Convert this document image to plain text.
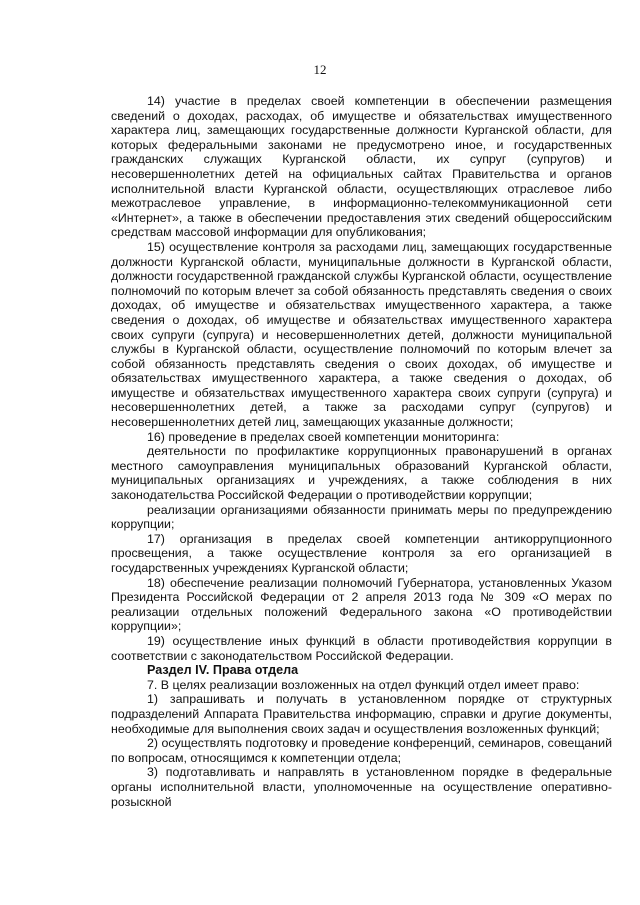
12

14) участие в пределах своей компетенции в обеспечении размещения сведений о доходах, расходах, об имуществе и обязательствах имущественного характера лиц, замещающих государственные должности Курганской области, для которых федеральными законами не предусмотрено иное, и государственных гражданских служащих Курганской области, их супруг (супругов) и несовершеннолетних детей на официальных сайтах Правительства и органов исполнительной власти Курганской области, осуществляющих отраслевое либо межотраслевое управление, в информационно-телекоммуникационной сети «Интернет», а также в обеспечении предоставления этих сведений общероссийским средствам массовой информации для опубликования;

15) осуществление контроля за расходами лиц, замещающих государственные должности Курганской области, муниципальные должности в Курганской области, должности государственной гражданской службы Курганской области, осуществление полномочий по которым влечет за собой обязанность представлять сведения о своих доходах, об имуществе и обязательствах имущественного характера, а также сведения о доходах, об имуществе и обязательствах имущественного характера своих супруги (супруга) и несовершеннолетних детей, должности муниципальной службы в Курганской области, осуществление полномочий по которым влечет за собой обязанность представлять сведения о своих доходах, об имуществе и обязательствах имущественного характера, а также сведения о доходах, об имуществе и обязательствах имущественного характера своих супруги (супруга) и несовершеннолетних детей, а также за расходами супруг (супругов) и несовершеннолетних детей лиц, замещающих указанные должности;

16) проведение в пределах своей компетенции мониторинга:

деятельности по профилактике коррупционных правонарушений в органах местного самоуправления муниципальных образований Курганской области, муниципальных организациях и учреждениях, а также соблюдения в них законодательства Российской Федерации о противодействии коррупции;

реализации организациями обязанности принимать меры по предупреждению коррупции;

17) организация в пределах своей компетенции антикоррупционного просвещения, а также осуществление контроля за его организацией в государственных учреждениях Курганской области;

18) обеспечение реализации полномочий Губернатора, установленных Указом Президента Российской Федерации от 2 апреля 2013 года № 309 «О мерах по реализации отдельных положений Федерального закона «О противодействии коррупции»;

19) осуществление иных функций в области противодействия коррупции в соответствии с законодательством Российской Федерации.

Раздел IV. Права отдела

7. В целях реализации возложенных на отдел функций отдел имеет право:

1) запрашивать и получать в установленном порядке от структурных подразделений Аппарата Правительства информацию, справки и другие документы, необходимые для выполнения своих задач и осуществления возложенных функций;

2) осуществлять подготовку и проведение конференций, семинаров, совещаний по вопросам, относящимся к компетенции отдела;

3) подготавливать и направлять в установленном порядке в федеральные органы исполнительной власти, уполномоченные на осуществление оперативно-розыскной
